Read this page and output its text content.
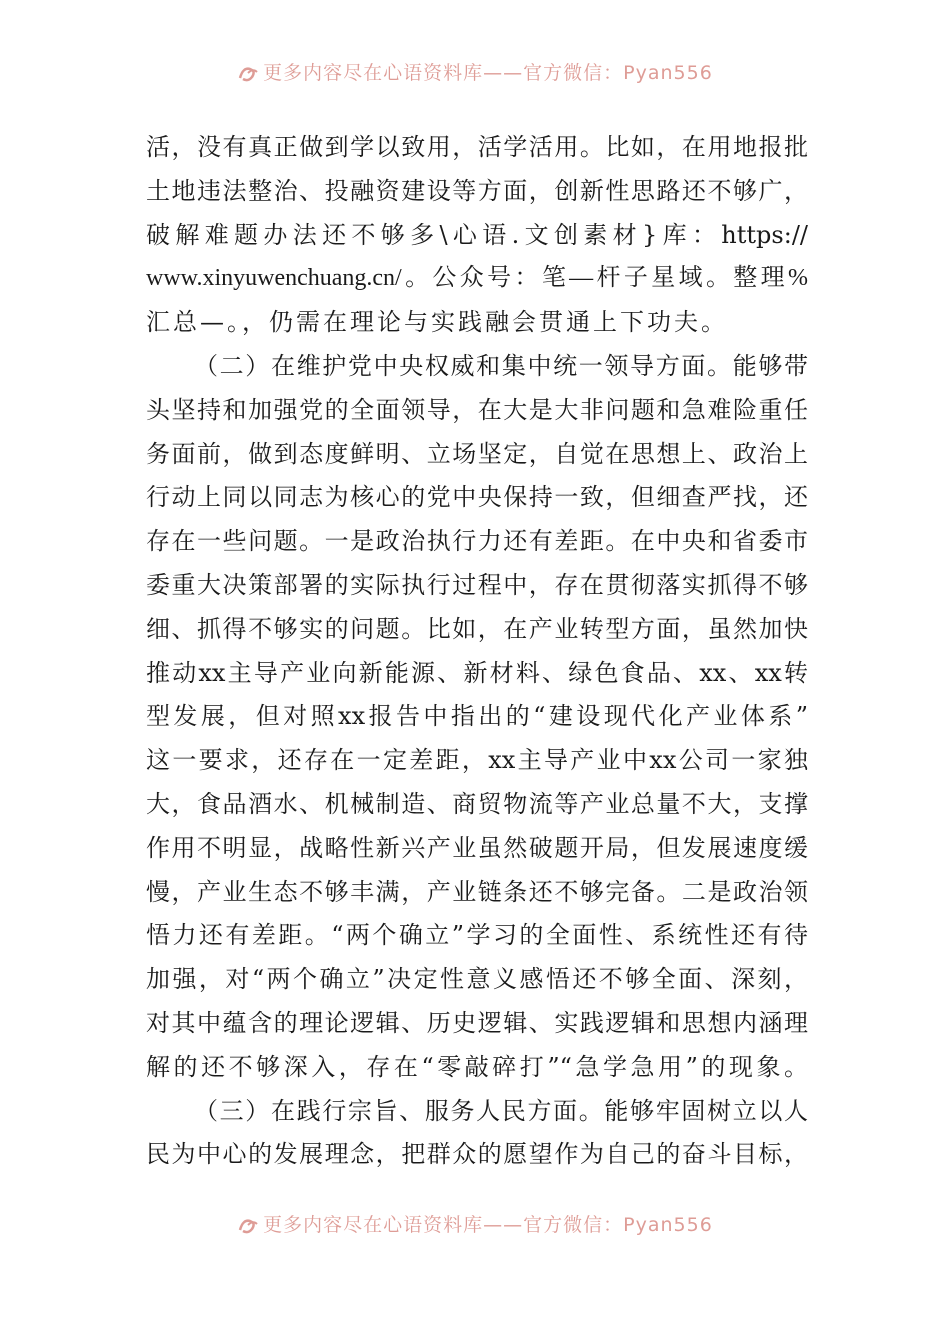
更多内容尽在心语资料库——官方微信：Pyan556
活，没有真正做到学以致用，活学活用。比如，在用地报批
土地违法整治、投融资建设等方面，创新性思路还不够广，
破解难题办法还不够多\心语.文创素材}库：https://
www.xinyuwenchuang.cn/。公众号：笔—杆子星域。整理%
汇总—。，仍需在理论与实践融会贯通上下功夫。
（二）在维护党中央权威和集中统一领导方面。能够带
头坚持和加强党的全面领导，在大是大非问题和急难险重任
务面前，做到态度鲜明、立场坚定，自觉在思想上、政治上
行动上同以同志为核心的党中央保持一致，但细查严找，还
存在一些问题。一是政治执行力还有差距。在中央和省委市
委重大决策部署的实际执行过程中，存在贯彻落实抓得不够
细、抓得不够实的问题。比如，在产业转型方面，虽然加快
推动xx主导产业向新能源、新材料、绿色食品、xx、xx转
型发展，但对照xx报告中指出的“建设现代化产业体系”
这一要求，还存在一定差距，xx主导产业中xx公司一家独
大，食品酒水、机械制造、商贸物流等产业总量不大，支撑
作用不明显，战略性新兴产业虽然破题开局，但发展速度缓
慢，产业生态不够丰满，产业链条还不够完备。二是政治领
悟力还有差距。“两个确立”学习的全面性、系统性还有待
加强，对“两个确立”决定性意义感悟还不够全面、深刻，
对其中蕴含的理论逻辑、历史逻辑、实践逻辑和思想内涵理
解的还不够深入，存在“零敲碎打”“急学急用”的现象。
（三）在践行宗旨、服务人民方面。能够牢固树立以人
民为中心的发展理念，把群众的愿望作为自己的奋斗目标，
更多内容尽在心语资料库——官方微信：Pyan556
